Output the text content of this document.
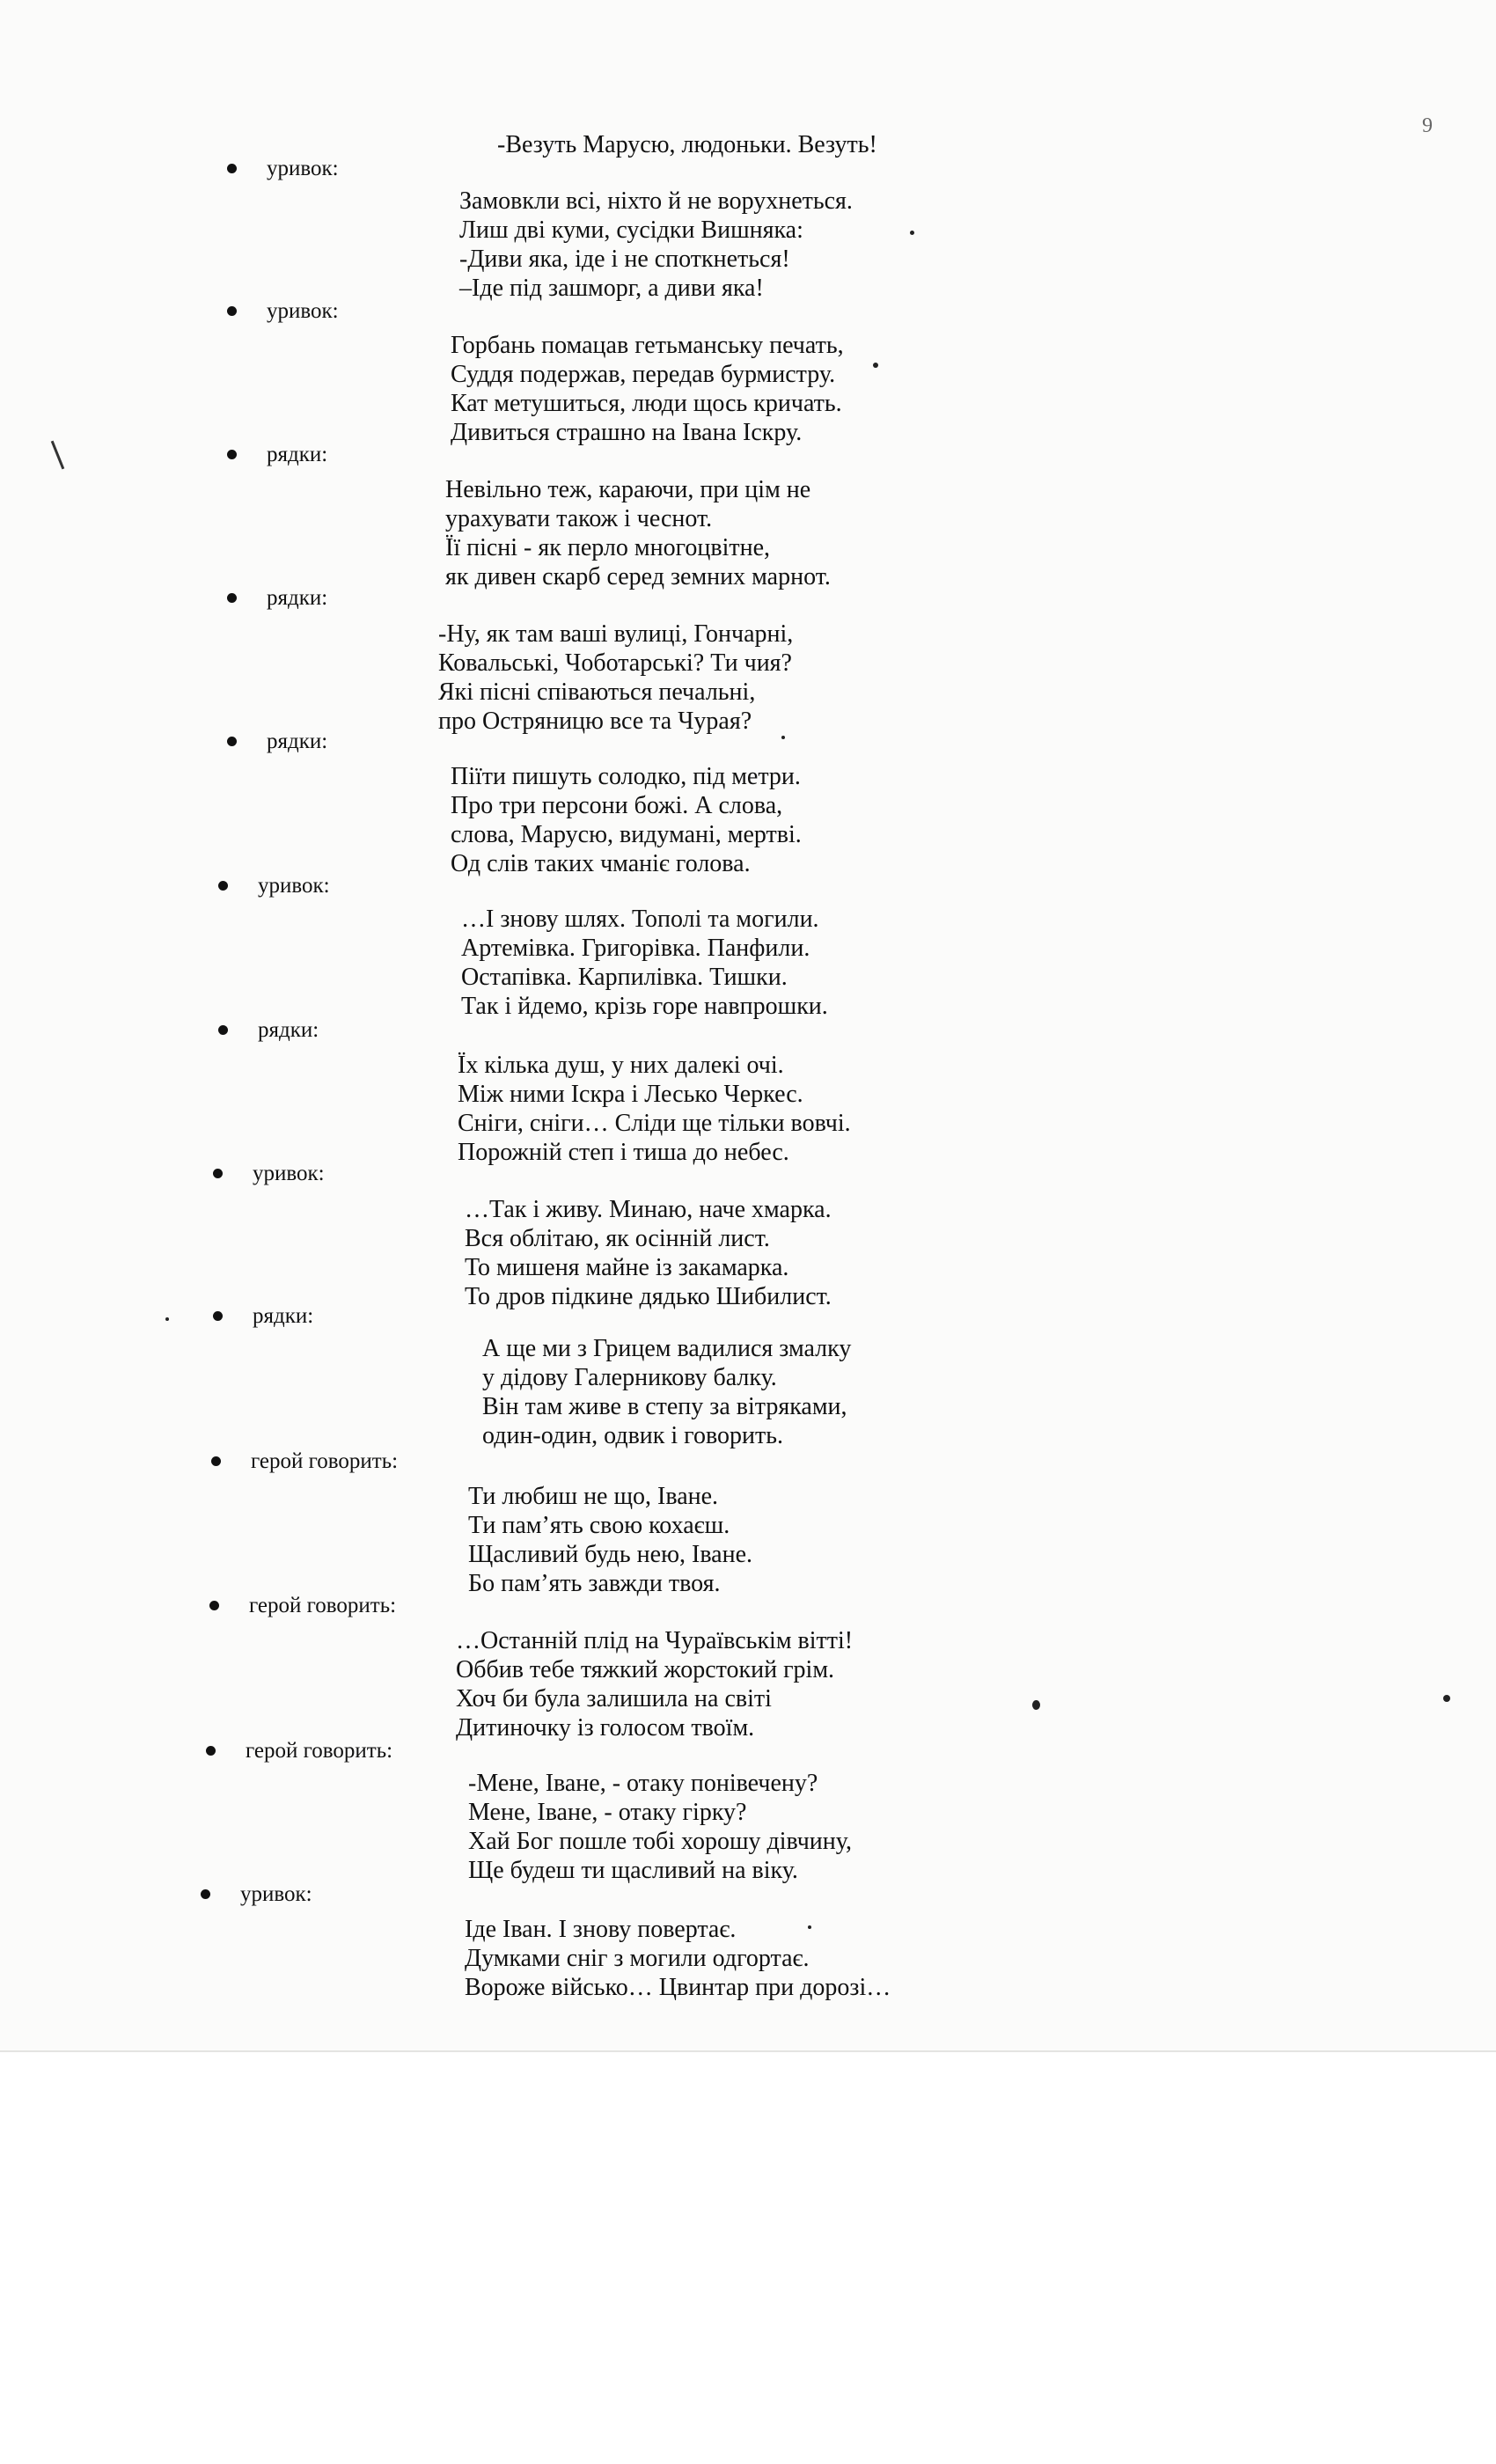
9
-Везуть Марусю, людоньки. Везуть!
уривок:
Замовкли всі, ніхто й не ворухнеться.
Лиш дві куми, сусідки Вишняка:
-Диви яка, іде і не споткнеться!
–Іде під зашморг, а диви яка!
уривок:
Горбань помацав гетьманську печать,
Суддя подержав, передав бурмистру.
Кат метушиться, люди щось кричать.
Дивиться страшно на Івана Іскру.
рядки:
Невільно теж, караючи, при цім не
урахувати також і чеснот.
Її пісні - як перло многоцвітне,
як дивен скарб серед земних марнот.
рядки:
-Ну, як там ваші вулиці, Гончарні,
Ковальські, Чоботарські? Ти чия?
Які пісні співаються печальні,
про Остряницю все та Чурая?
рядки:
Піїти пишуть солодко, під метри.
Про три персони божі. А слова,
слова, Марусю, видумані, мертві.
Од слів таких чманіє голова.
уривок:
…І знову шлях. Тополі та могили.
Артемівка. Григорівка. Панфили.
Остапівка. Карпилівка. Тишки.
Так і йдемо, крізь горе навпрошки.
рядки:
Їх кілька душ, у них далекі очі.
Між ними Іскра і Лесько Черкес.
Сніги, сніги… Сліди ще тільки вовчі.
Порожній степ і тиша до небес.
уривок:
…Так і живу. Минаю, наче хмарка.
Вся облітаю, як осінній лист.
То мишеня майне із закамарка.
То дров підкине дядько Шибилист.
рядки:
А ще ми з Грицем вадилися змалку
у дідову Галерникову балку.
Він там живе в степу за вітряками,
один-один, одвик і говорить.
герой говорить:
Ти любиш не що, Іване.
Ти пам’ять свою кохаєш.
Щасливий будь нею, Іване.
Бо пам’ять завжди твоя.
герой говорить:
…Останній плід на Чураївськім вітті!
Оббив тебе тяжкий жорстокий грім.
Хоч би була залишила на світі
Дитиночку із голосом твоїм.
герой говорить:
-Мене, Іване, - отаку понівечену?
Мене, Іване, - отаку гірку?
Хай Бог пошле тобі хорошу дівчину,
Ще будеш ти щасливий на віку.
уривок:
Іде Іван. І знову повертає.
Думками сніг з могили одгортає.
Вороже військо… Цвинтар при дорозі…
